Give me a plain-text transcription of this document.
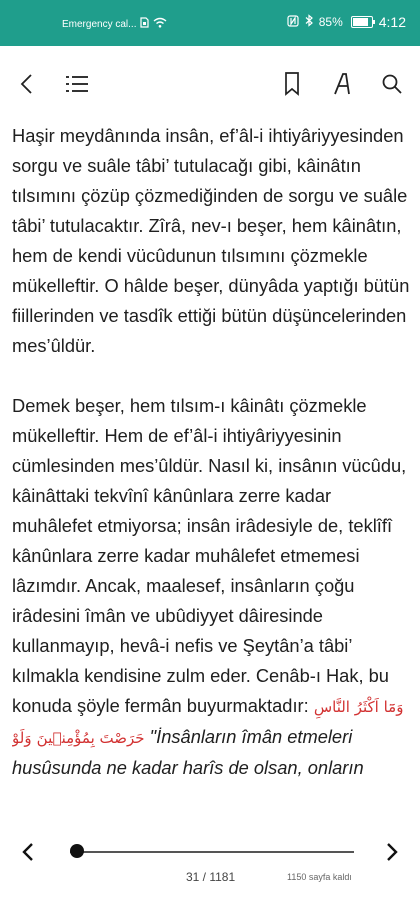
Emergency cal...	85%	4:12

Haşir meydânında insân, ef’âl-i ihtiyâriyyesinden sorgu ve suâle tâbi’ tutulacağı gibi, kâinâtın tılsımını çözüp çözmediğinden de sorgu ve suâle tâbi’ tutulacaktır. Zîrâ, nev-ı beşer, hem kâinâtın, hem de kendi vücûdunun tılsımını çözmekle mükelleftir. O hâlde beşer, dünyâda yaptığı bütün fiillerinden ve tasdîk ettiği bütün düşüncelerinden mes’ûldür.

Demek beşer, hem tılsım-ı kâinâtı çözmekle mükelleftir. Hem de ef’âl-i ihtiyâriyyesinin cümlesinden mes’ûldür. Nasıl ki, insânın vücûdu, kâinâttaki tekvînî kânûnlara zerre kadar muhâlefet etmiyorsa; insân irâdesiyle de, teklîfî kânûnlara zerre kadar muhâlefet etmemesi lâzımdır. Ancak, maalesef, insânların çoğu irâdesini îmân ve ubûdiyyet dâiresinde kullanmayıp, hevâ-i nefis ve Şeytân’a tâbi’ kılmakla kendisine zulm eder. Cenâb-ı Hak, bu konuda şöyle fermân buyurmaktadır: وَمَٓا اَكْثَرُ النَّاسِ وَلَوْ حَرَصْتَ بِمُؤْمِن۪ينَ "İnsânların îmân etmeleri husûsunda ne kadar harîs de olsan, onların

31 / 1181	1150 sayfa kaldı
